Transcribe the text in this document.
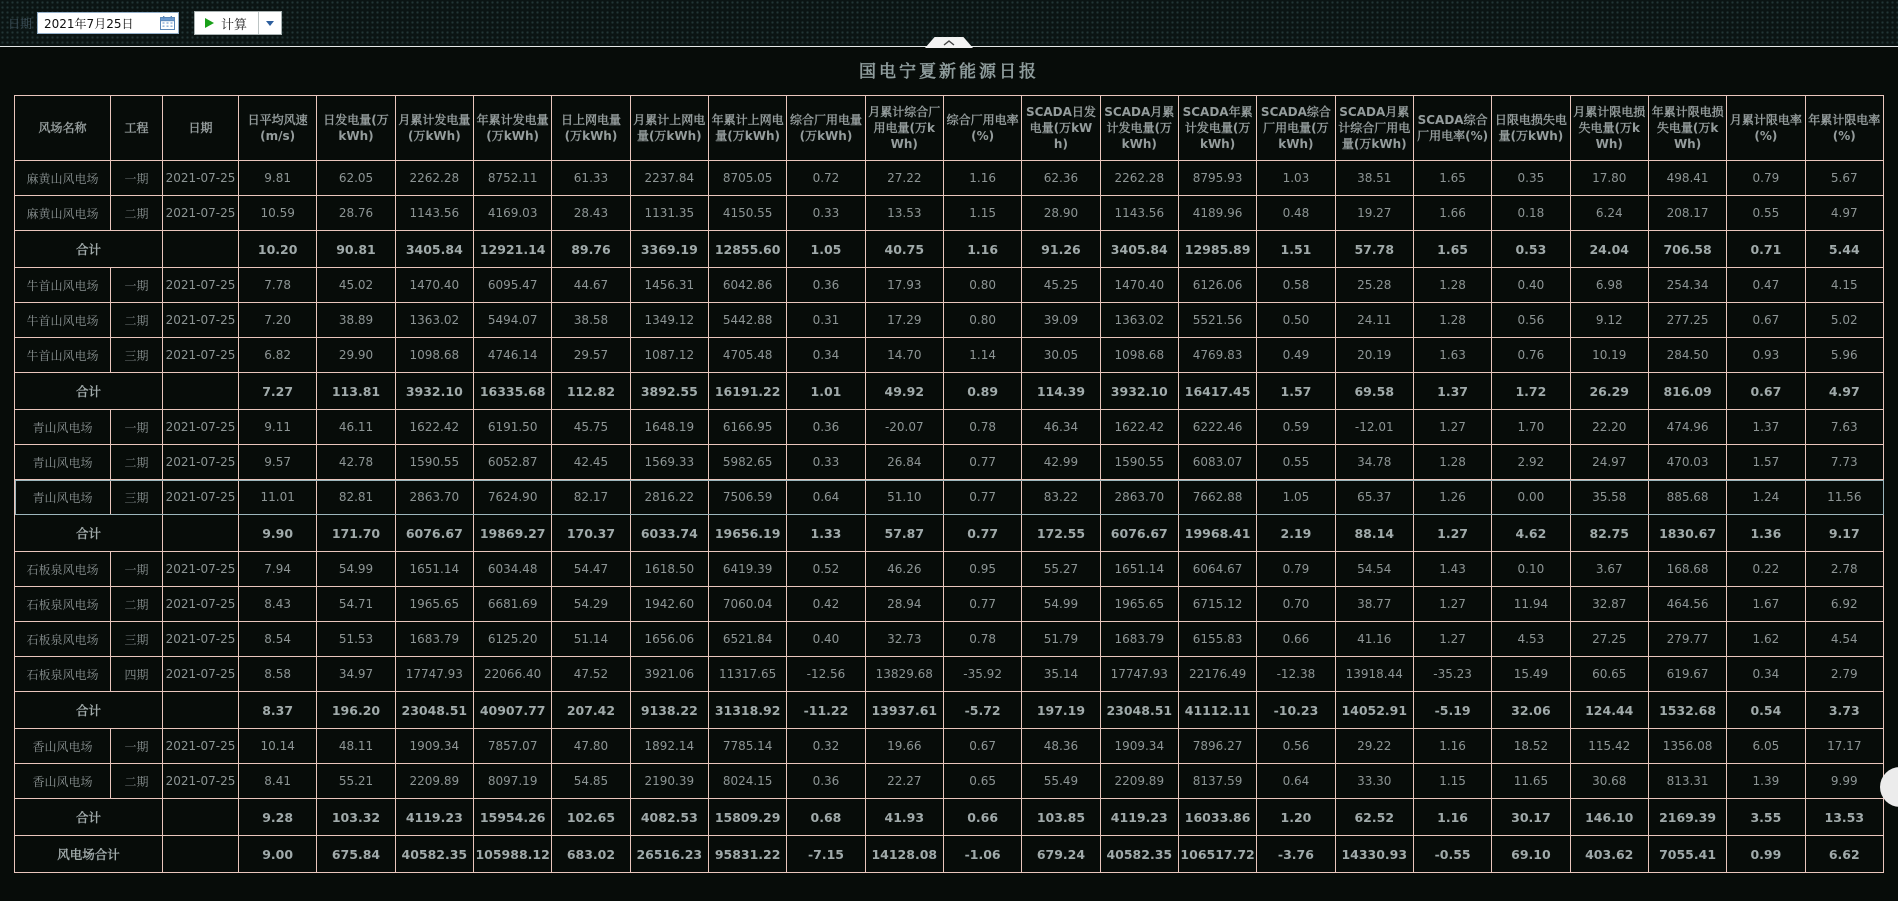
日期	2021年7月25日	计算
国电宁夏新能源日报
风场名称	工程	日期	日平均风速(m/s)	日发电量(万kWh)	月累计发电量(万kWh)	年累计发电量(万kWh)	日上网电量(万kWh)	月累计上网电量(万kWh)	年累计上网电量(万kWh)	综合厂用电量(万kWh)	月累计综合厂用电量(万kWh)	综合厂用电率(%)	SCADA日发电量(万kWh)	SCADA月累计发电量(万kWh)	SCADA年累计发电量(万kWh)	SCADA综合厂用电量(万kWh)	SCADA月累计综合厂用电量(万kWh)	SCADA综合厂用电率(%)	日限电损失电量(万kWh)	月累计限电损失电量(万kWh)	年累计限电损失电量(万kWh)	月累计限电率(%)	年累计限电率(%)
麻黄山风电场	一期	2021-07-25	9.81	62.05	2262.28	8752.11	61.33	2237.84	8705.05	0.72	27.22	1.16	62.36	2262.28	8795.93	1.03	38.51	1.65	0.35	17.80	498.41	0.79	5.67
麻黄山风电场	二期	2021-07-25	10.59	28.76	1143.56	4169.03	28.43	1131.35	4150.55	0.33	13.53	1.15	28.90	1143.56	4189.96	0.48	19.27	1.66	0.18	6.24	208.17	0.55	4.97
合计			10.20	90.81	3405.84	12921.14	89.76	3369.19	12855.60	1.05	40.75	1.16	91.26	3405.84	12985.89	1.51	57.78	1.65	0.53	24.04	706.58	0.71	5.44
牛首山风电场	一期	2021-07-25	7.78	45.02	1470.40	6095.47	44.67	1456.31	6042.86	0.36	17.93	0.80	45.25	1470.40	6126.06	0.58	25.28	1.28	0.40	6.98	254.34	0.47	4.15
牛首山风电场	二期	2021-07-25	7.20	38.89	1363.02	5494.07	38.58	1349.12	5442.88	0.31	17.29	0.80	39.09	1363.02	5521.56	0.50	24.11	1.28	0.56	9.12	277.25	0.67	5.02
牛首山风电场	三期	2021-07-25	6.82	29.90	1098.68	4746.14	29.57	1087.12	4705.48	0.34	14.70	1.14	30.05	1098.68	4769.83	0.49	20.19	1.63	0.76	10.19	284.50	0.93	5.96
合计			7.27	113.81	3932.10	16335.68	112.82	3892.55	16191.22	1.01	49.92	0.89	114.39	3932.10	16417.45	1.57	69.58	1.37	1.72	26.29	816.09	0.67	4.97
青山风电场	一期	2021-07-25	9.11	46.11	1622.42	6191.50	45.75	1648.19	6166.95	0.36	-20.07	0.78	46.34	1622.42	6222.46	0.59	-12.01	1.27	1.70	22.20	474.96	1.37	7.63
青山风电场	二期	2021-07-25	9.57	42.78	1590.55	6052.87	42.45	1569.33	5982.65	0.33	26.84	0.77	42.99	1590.55	6083.07	0.55	34.78	1.28	2.92	24.97	470.03	1.57	7.73
青山风电场	三期	2021-07-25	11.01	82.81	2863.70	7624.90	82.17	2816.22	7506.59	0.64	51.10	0.77	83.22	2863.70	7662.88	1.05	65.37	1.26	0.00	35.58	885.68	1.24	11.56
合计			9.90	171.70	6076.67	19869.27	170.37	6033.74	19656.19	1.33	57.87	0.77	172.55	6076.67	19968.41	2.19	88.14	1.27	4.62	82.75	1830.67	1.36	9.17
石板泉风电场	一期	2021-07-25	7.94	54.99	1651.14	6034.48	54.47	1618.50	6419.39	0.52	46.26	0.95	55.27	1651.14	6064.67	0.79	54.54	1.43	0.10	3.67	168.68	0.22	2.78
石板泉风电场	二期	2021-07-25	8.43	54.71	1965.65	6681.69	54.29	1942.60	7060.04	0.42	28.94	0.77	54.99	1965.65	6715.12	0.70	38.77	1.27	11.94	32.87	464.56	1.67	6.92
石板泉风电场	三期	2021-07-25	8.54	51.53	1683.79	6125.20	51.14	1656.06	6521.84	0.40	32.73	0.78	51.79	1683.79	6155.83	0.66	41.16	1.27	4.53	27.25	279.77	1.62	4.54
石板泉风电场	四期	2021-07-25	8.58	34.97	17747.93	22066.40	47.52	3921.06	11317.65	-12.56	13829.68	-35.92	35.14	17747.93	22176.49	-12.38	13918.44	-35.23	15.49	60.65	619.67	0.34	2.79
合计			8.37	196.20	23048.51	40907.77	207.42	9138.22	31318.92	-11.22	13937.61	-5.72	197.19	23048.51	41112.11	-10.23	14052.91	-5.19	32.06	124.44	1532.68	0.54	3.73
香山风电场	一期	2021-07-25	10.14	48.11	1909.34	7857.07	47.80	1892.14	7785.14	0.32	19.66	0.67	48.36	1909.34	7896.27	0.56	29.22	1.16	18.52	115.42	1356.08	6.05	17.17
香山风电场	二期	2021-07-25	8.41	55.21	2209.89	8097.19	54.85	2190.39	8024.15	0.36	22.27	0.65	55.49	2209.89	8137.59	0.64	33.30	1.15	11.65	30.68	813.31	1.39	9.99
合计			9.28	103.32	4119.23	15954.26	102.65	4082.53	15809.29	0.68	41.93	0.66	103.85	4119.23	16033.86	1.20	62.52	1.16	30.17	146.10	2169.39	3.55	13.53
风电场合计			9.00	675.84	40582.35	105988.12	683.02	26516.23	95831.22	-7.15	14128.08	-1.06	679.24	40582.35	106517.72	-3.76	14330.93	-0.55	69.10	403.62	7055.41	0.99	6.62
